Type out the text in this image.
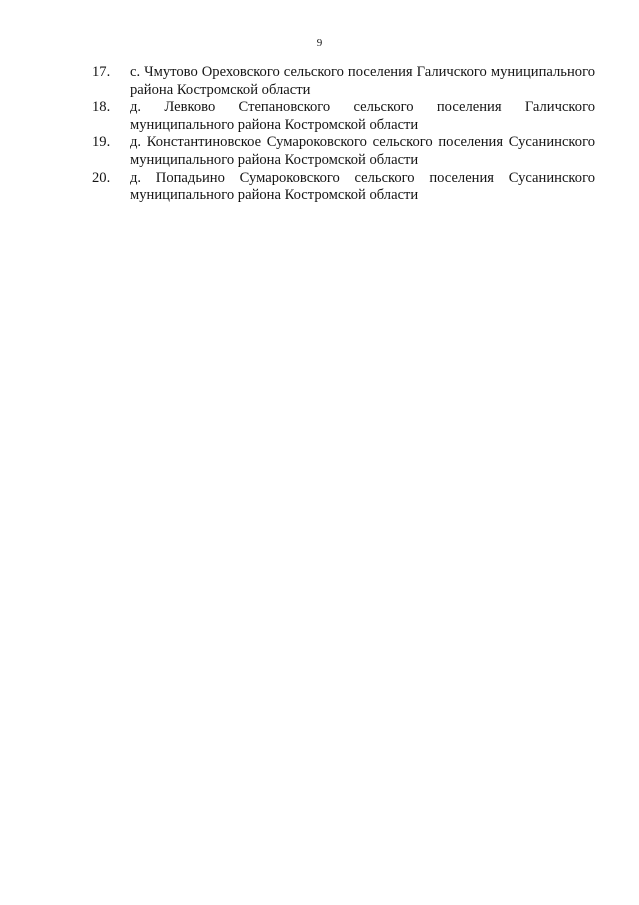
9
17. с. Чмутово Ореховского сельского поселения Галичского муниципального района Костромской области
18. д. Левково Степановского сельского поселения Галичского муниципального района Костромской области
19. д. Константиновское Сумароковского сельского поселения Сусанинского муниципального района Костромской области
20. д. Попадьино Сумароковского сельского поселения Сусанинского муниципального района Костромской области
